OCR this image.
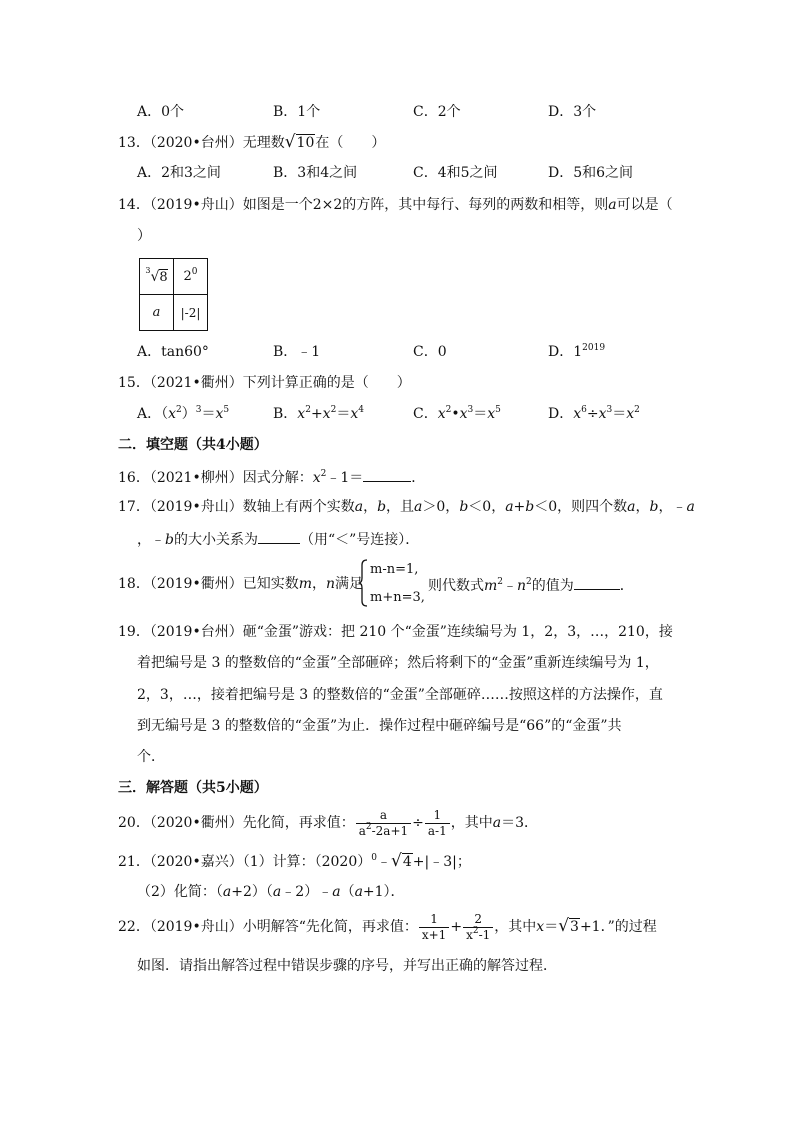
A．0个	B．1个	C．2个	D．3个
13．（2020•台州）无理数√10在（　　）
A．2和3之间	B．3和4之间	C．4和5之间	D．5和6之间
14．（2019•舟山）如图是一个2×2的方阵，其中每行、每列的两数和相等，则a可以是（
）
$^3$√8	$2^0$
a	|-2|
A．tan60°	B．﹣1	C．0	D．$1^{2019}$
15．（2021•衢州）下列计算正确的是（　　）
A．$(x^2)^3=x^5$	B．$x^2+x^2=x^4$	C．$x^2•x^3=x^5$	D．$x^6\div x^3=x^2$
二．填空题（共4小题）
16．（2021•柳州）因式分解：$x^2﹣1=$	．
17．（2019•舟山）数轴上有两个实数a，b，且a＞0，b＜0，a+b＜0，则四个数a，b，﹣a
，﹣b的大小关系为	（用“＜”号连接）．
18．（2019•衢州）已知实数m，n满足
m-n=1,
m+n=3,
则代数式$m^2﹣n^2$的值为	．
19．（2019•台州）砸“金蛋”游戏：把 210 个“金蛋”连续编号为 1，2，3，…，210，接
着把编号是 3 的整数倍的“金蛋”全部砸碎；然后将剩下的“金蛋”重新连续编号为 1，
2，3，…，接着把编号是 3 的整数倍的“金蛋”全部砸碎……按照这样的方法操作，直
到无编号是 3 的整数倍的“金蛋”为止．操作过程中砸碎编号是“66”的“金蛋”共
个．
三．解答题（共5小题）
20．（2020•衢州）先化简，再求值： $\frac{a}{a^2-2a+1} \div \frac{1}{a-1}$ ，其中a＝3．
21．（2020•嘉兴）（1）计算：$(2020)^0﹣√4+|﹣3|$；
（2）化简：（a+2）（a﹣2）﹣a（a+1）．
22．（2019•舟山）小明解答“先化简，再求值： $\frac{1}{x+1} + \frac{2}{x^2-1}$ ，其中x＝√3+1．”的过程
如图．请指出解答过程中错误步骤的序号，并写出正确的解答过程．
